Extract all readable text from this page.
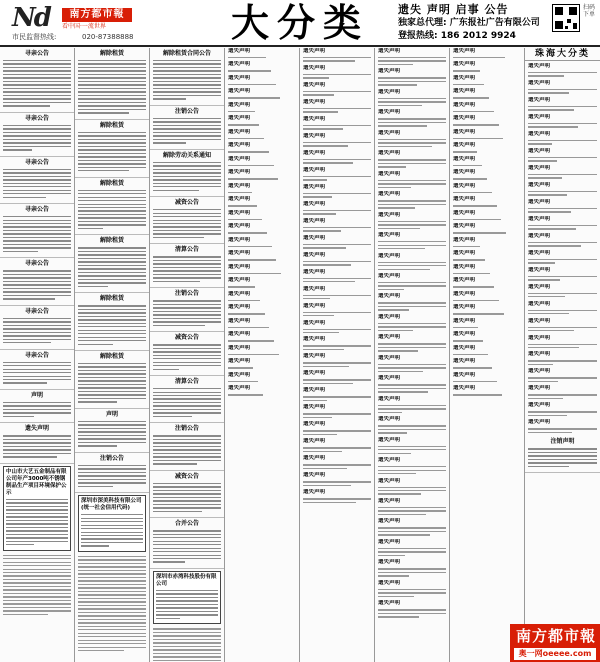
Nd	南方都市報
看中国·一流世界
市民监督热线:	020-87388888	大分类	遗失 声明 启事 公告
独家总代理: 广东报社广告有限公司
登报热线: 186 2012 9924
扫码下单
寻亲公告
寻亲公告
寻亲公告
寻亲公告
寻亲公告
寻亲公告
寻亲公告
声明
遗失声明
中山市大艺五金制品有限公司年产3000吨不锈钢制品生产项目环境保护公示
解除租赁
解除租赁
解除租赁
解除租赁
解除租赁
解除租赁
声明
注销公告
深圳市深美科技有限公司 (统一社会信用代码)
解除租赁合同公告
注销公告
解除劳动关系通知
减资公告
清算公告
注销公告
减资公告
清算公告
注销公告
减资公告
合并公告
深圳市赤湾科技股份有限公司
遗失声明
遗失声明
遗失声明
遗失声明
遗失声明
遗失声明
遗失声明
遗失声明
遗失声明
遗失声明
遗失声明
遗失声明
遗失声明
遗失声明
遗失声明
遗失声明
遗失声明
遗失声明
遗失声明
遗失声明
遗失声明
遗失声明
遗失声明
遗失声明
遗失声明
遗失声明
遗失声明
遗失声明
遗失声明
遗失声明
遗失声明
遗失声明
遗失声明
遗失声明
遗失声明
遗失声明
遗失声明
遗失声明
遗失声明
遗失声明
遗失声明
遗失声明
遗失声明
遗失声明
遗失声明
遗失声明
遗失声明
遗失声明
遗失声明
遗失声明
遗失声明
遗失声明
遗失声明
遗失声明
遗失声明
遗失声明
遗失声明
遗失声明
遗失声明
遗失声明
遗失声明
遗失声明
遗失声明
遗失声明
遗失声明
遗失声明
遗失声明
遗失声明
遗失声明
遗失声明
遗失声明
遗失声明
遗失声明
遗失声明
遗失声明
遗失声明
遗失声明
遗失声明
遗失声明
遗失声明
遗失声明
遗失声明
遗失声明
遗失声明
遗失声明
遗失声明
遗失声明
遗失声明
遗失声明
遗失声明
遗失声明
遗失声明
遗失声明
遗失声明
遗失声明
遗失声明
遗失声明
遗失声明
遗失声明
遗失声明
遗失声明
遗失声明
遗失声明
遗失声明
遗失声明
遗失声明
遗失声明
珠海大分类
遗失声明
遗失声明
遗失声明
遗失声明
遗失声明
遗失声明
遗失声明
遗失声明
遗失声明
遗失声明
遗失声明
遗失声明
遗失声明
遗失声明
遗失声明
遗失声明
遗失声明
遗失声明
遗失声明
遗失声明
遗失声明
遗失声明
注销声明
南方都市報
奥一网oeeee.com
